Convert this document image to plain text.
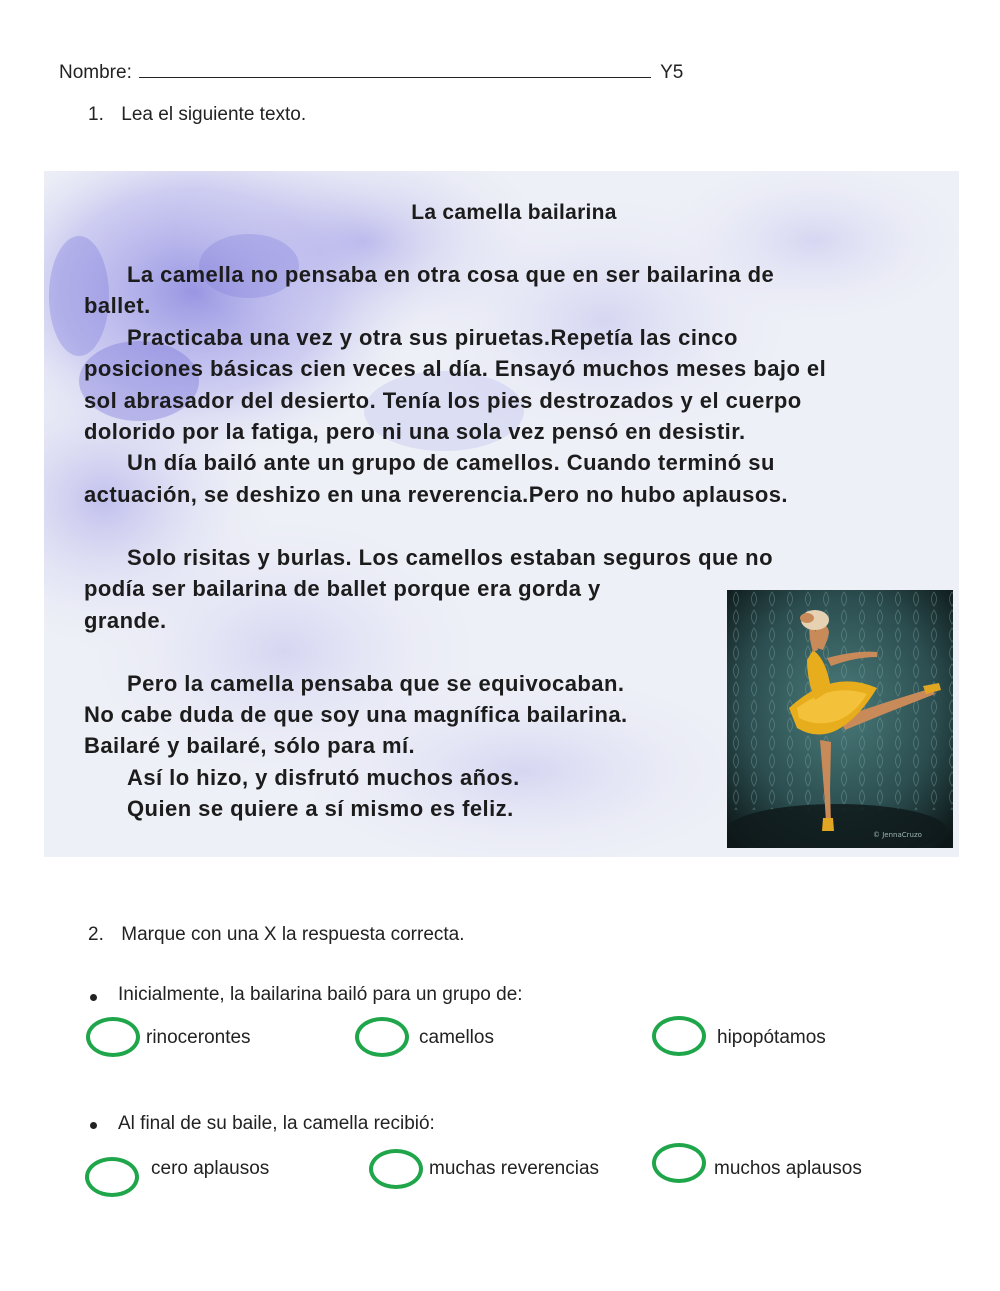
Nombre:	Y5
1. Lea el siguiente texto.
La camella bailarina
La camella no pensaba en otra cosa que en ser bailarina de
ballet.
Practicaba una vez y otra sus piruetas.Repetía las cinco
posiciones básicas cien veces al día. Ensayó muchos meses bajo el
sol abrasador del desierto. Tenía los pies destrozados y el cuerpo
dolorido por la fatiga, pero ni una sola vez pensó en desistir.
Un día bailó ante un grupo de camellos. Cuando terminó su
actuación, se deshizo en una reverencia.Pero no hubo aplausos.
Solo risitas y burlas. Los camellos estaban seguros que no
podía ser bailarina de ballet porque era gorda y
grande.
Pero la camella pensaba que se equivocaban.
No cabe duda de que soy una magnífica bailarina.
Bailaré y bailaré, sólo para mí.
Así lo hizo, y disfrutó muchos años.
Quien se quiere a sí mismo es feliz.
© JennaCruzo
2. Marque con una X la respuesta correcta.
Inicialmente, la bailarina bailó para un grupo de:
rinocerontes	camellos	hipopótamos
Al final de su baile, la camella recibió:
cero aplausos	muchas reverencias	muchos aplausos
